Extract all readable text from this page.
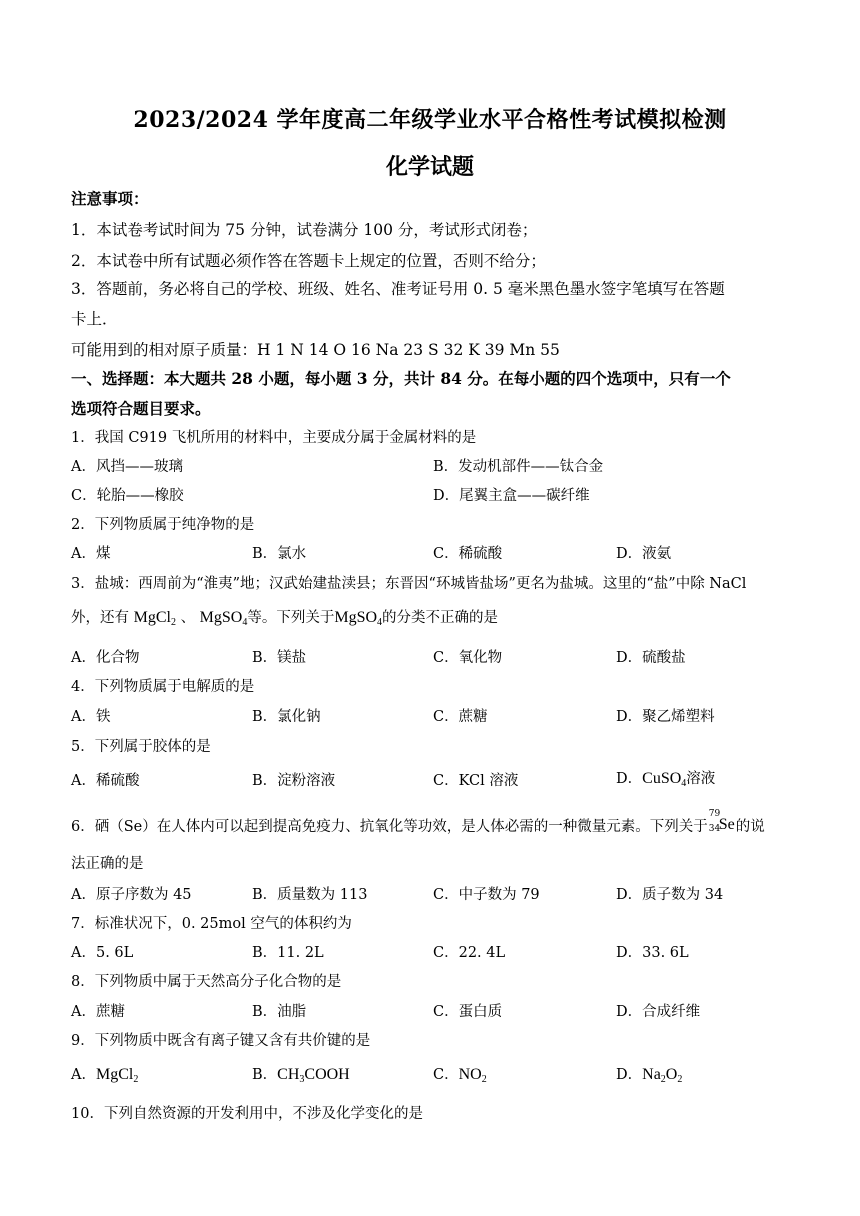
2023/2024 学年度高二年级学业水平合格性考试模拟检测
化学试题
注意事项：
1．本试卷考试时间为 75 分钟，试卷满分 100 分，考试形式闭卷；
2．本试卷中所有试题必须作答在答题卡上规定的位置，否则不给分；
3．答题前，务必将自己的学校、班级、姓名、准考证号用 0. 5 毫米黑色墨水签字笔填写在答题
卡上．
可能用到的相对原子质量：H 1 N 14 O 16 Na 23 S 32 K 39 Mn 55
一、选择题：本大题共 28 小题，每小题 3 分，共计 84 分。在每小题的四个选项中，只有一个
选项符合题目要求。
1．我国 C919 飞机所用的材料中，主要成分属于金属材料的是
A．风挡——玻璃	B．发动机部件——钛合金
C．轮胎——橡胶	D．尾翼主盒——碳纤维
2．下列物质属于纯净物的是
A．煤	B．氯水	C．稀硫酸	D．液氨
3．盐城：西周前为“淮夷”地；汉武始建盐渎县；东晋因“环城皆盐场”更名为盐城。这里的“盐”中除 NaCl
外，还有 MgCl$_2$ 、 MgSO$_4$等。下列关于MgSO$_4$的分类不正确的是
A．化合物	B．镁盐	C．氧化物	D．硫酸盐
4．下列物质属于电解质的是
A．铁	B．氯化钠	C．蔗糖	D．聚乙烯塑料
5．下列属于胶体的是
A．稀硫酸	B．淀粉溶液	C．KCl 溶液	D．CuSO$_4$溶液
6．硒（Se）在人体内可以起到提高免疫力、抗氧化等功效，是人体必需的一种微量元素。下列关于
79
34
Se 的说
法正确的是
A．原子序数为 45	B．质量数为 113	C．中子数为 79	D．质子数为 34
7．标准状况下，0. 25mol 空气的体积约为
A．5. 6L	B．11. 2L	C．22. 4L	D．33. 6L
8．下列物质中属于天然高分子化合物的是
A．蔗糖	B．油脂	C．蛋白质	D．合成纤维
9．下列物质中既含有离子键又含有共价键的是
A．MgCl$_2$	B．$CH_3COOH$	C．$NO_2$	D．$Na_2O_2$
10．下列自然资源的开发利用中，不涉及化学变化的是
